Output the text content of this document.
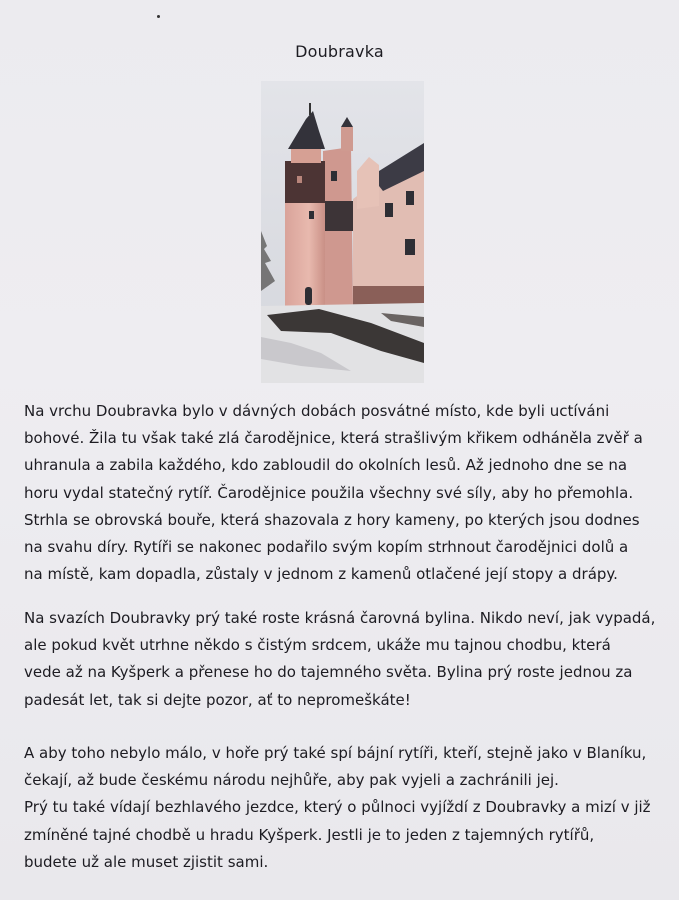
Doubravka
Na vrchu Doubravka bylo v dávných dobách posvátné místo, kde byli uctíváni
bohové. Žila tu však také zlá čarodějnice, která strašlivým křikem odháněla zvěř a
uhranula a zabila každého, kdo zabloudil do okolních lesů. Až jednoho dne se na
horu vydal statečný rytíř. Čarodějnice použila všechny své síly, aby ho přemohla.
Strhla se obrovská bouře, která shazovala z hory kameny, po kterých jsou dodnes
na svahu díry. Rytíři se nakonec podařilo svým kopím strhnout čarodějnici dolů a
na místě, kam dopadla, zůstaly v jednom z kamenů otlačené její stopy a drápy.
Na svazích Doubravky prý také roste krásná čarovná bylina. Nikdo neví, jak vypadá,
ale pokud květ utrhne někdo s čistým srdcem, ukáže mu tajnou chodbu, která
vede až na Kyšperk a přenese ho do tajemného světa. Bylina prý roste jednou za
padesát let, tak si dejte pozor, ať to nepromeškáte!
A aby toho nebylo málo, v hoře prý také spí bájní rytíři, kteří, stejně jako v Blaníku,
čekají, až bude českému národu nejhůře, aby pak vyjeli a zachránili jej.
Prý tu také vídají bezhlavého jezdce, který o půlnoci vyjíždí z Doubravky a mizí v již
zmíněné tajné chodbě u hradu Kyšperk. Jestli je to jeden z tajemných rytířů,
budete už ale muset zjistit sami.
